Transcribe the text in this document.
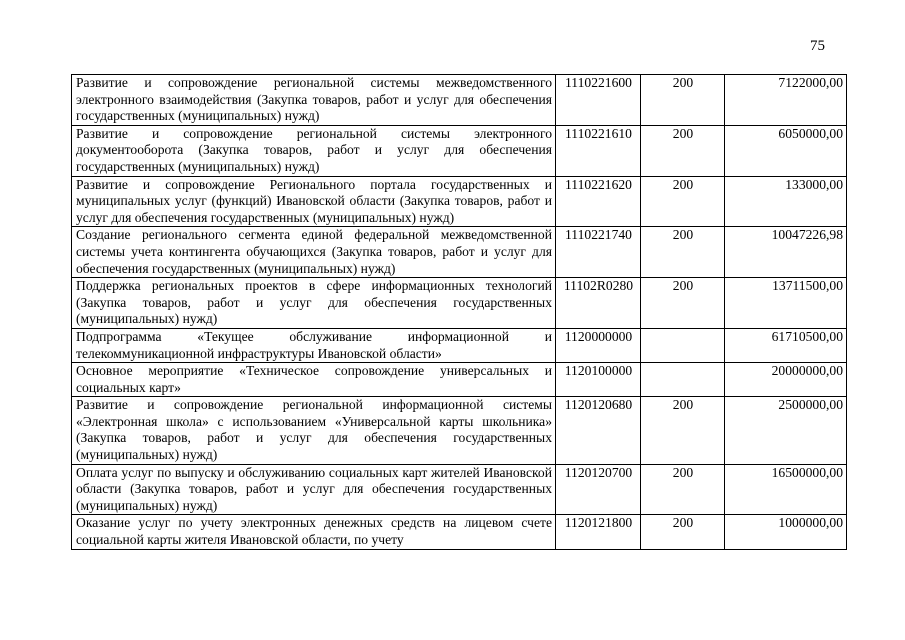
75
Развитие и сопровождение региональной системы межведомственного электронного взаимодействия (Закупка товаров, работ и услуг для обеспечения государственных (муниципальных) нужд)	1110221600	200	7122000,00
Развитие и сопровождение региональной системы электронного документооборота (Закупка товаров, работ и услуг для обеспечения государственных (муниципальных) нужд)	1110221610	200	6050000,00
Развитие и сопровождение Регионального портала государственных и муниципальных услуг (функций) Ивановской области (Закупка товаров, работ и услуг для обеспечения государственных (муниципальных) нужд)	1110221620	200	133000,00
Создание регионального сегмента единой федеральной межведомственной системы учета контингента обучающихся (Закупка товаров, работ и услуг для обеспечения государственных (муниципальных) нужд)	1110221740	200	10047226,98
Поддержка региональных проектов в сфере информационных технологий (Закупка товаров, работ и услуг для обеспечения государственных (муниципальных) нужд)	11102R0280	200	13711500,00
Подпрограмма «Текущее обслуживание информационной и телекоммуникационной инфраструктуры Ивановской области»	1120000000		61710500,00
Основное мероприятие «Техническое сопровождение универсальных и социальных карт»	1120100000		20000000,00
Развитие и сопровождение региональной информационной системы «Электронная школа» с использованием «Универсальной карты школьника» (Закупка товаров, работ и услуг для обеспечения государственных (муниципальных) нужд)	1120120680	200	2500000,00
Оплата услуг по выпуску и обслуживанию социальных карт жителей Ивановской области (Закупка товаров, работ и услуг для обеспечения государственных (муниципальных) нужд)	1120120700	200	16500000,00

Оказание услуг по учету электронных денежных средств на лицевом счете социальной карты жителя Ивановской области, по учету	1120121800	200	1000000,00
